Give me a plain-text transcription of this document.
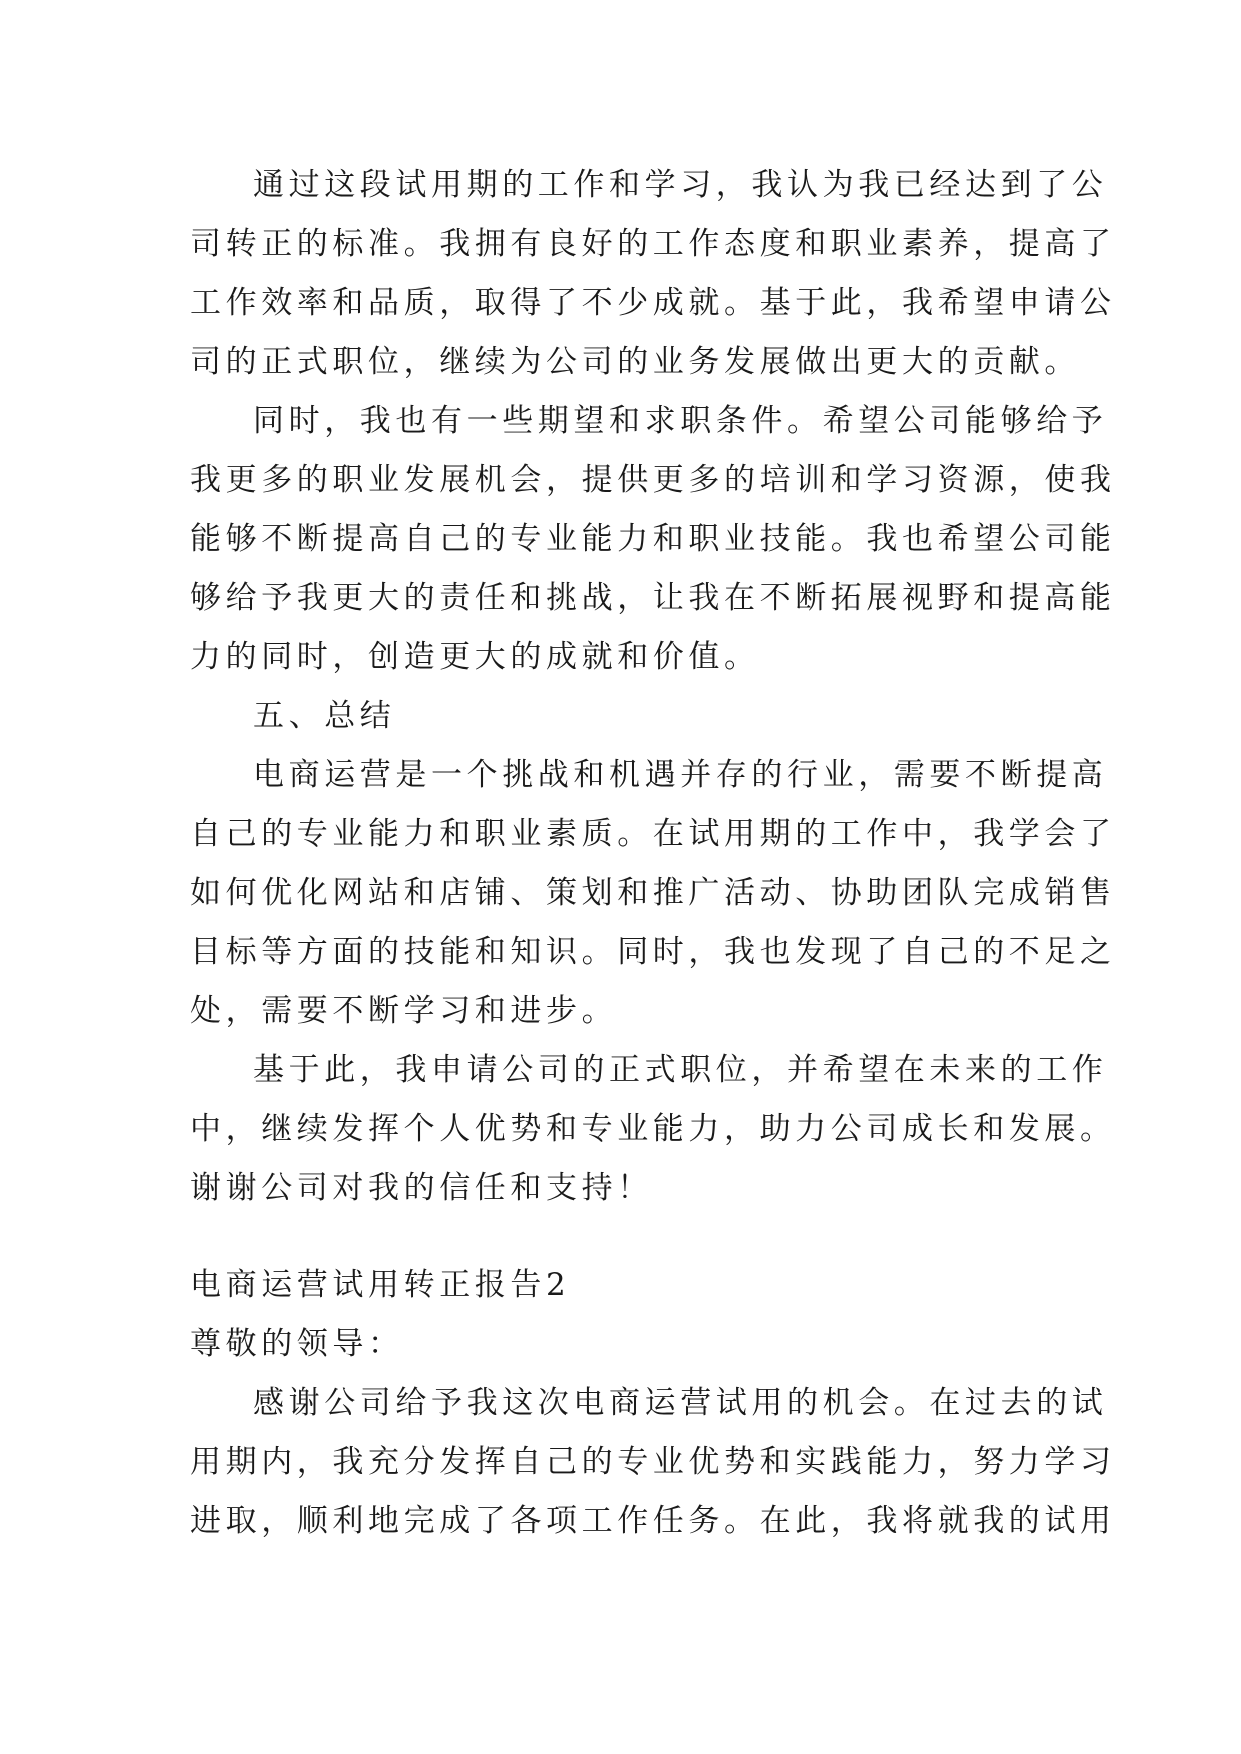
通过这段试用期的工作和学习，我认为我已经达到了公
司转正的标准。我拥有良好的工作态度和职业素养，提高了
工作效率和品质，取得了不少成就。基于此，我希望申请公
司的正式职位，继续为公司的业务发展做出更大的贡献。
同时，我也有一些期望和求职条件。希望公司能够给予
我更多的职业发展机会，提供更多的培训和学习资源，使我
能够不断提高自己的专业能力和职业技能。我也希望公司能
够给予我更大的责任和挑战，让我在不断拓展视野和提高能
力的同时，创造更大的成就和价值。
五、总结
电商运营是一个挑战和机遇并存的行业，需要不断提高
自己的专业能力和职业素质。在试用期的工作中，我学会了
如何优化网站和店铺、策划和推广活动、协助团队完成销售
目标等方面的技能和知识。同时，我也发现了自己的不足之
处，需要不断学习和进步。
基于此，我申请公司的正式职位，并希望在未来的工作
中，继续发挥个人优势和专业能力，助力公司成长和发展。
谢谢公司对我的信任和支持！
电商运营试用转正报告2
尊敬的领导：
感谢公司给予我这次电商运营试用的机会。在过去的试
用期内，我充分发挥自己的专业优势和实践能力，努力学习
进取，顺利地完成了各项工作任务。在此，我将就我的试用
